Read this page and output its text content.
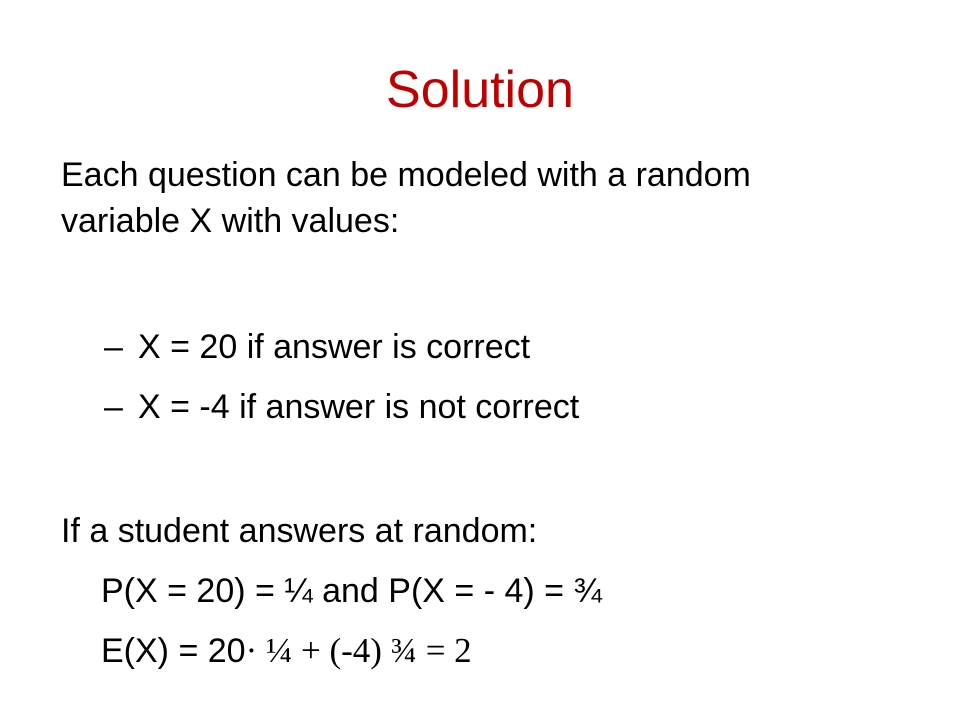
Solution
Each question can be modeled with a random
variable X with values:
– X = 20 if answer is correct
– X = -4 if answer is not correct
If a student answers at random:
P(X = 20) = ¼ and P(X = - 4) = ¾
E(X) = 20· ¼ + (-4) ¾ = 2
